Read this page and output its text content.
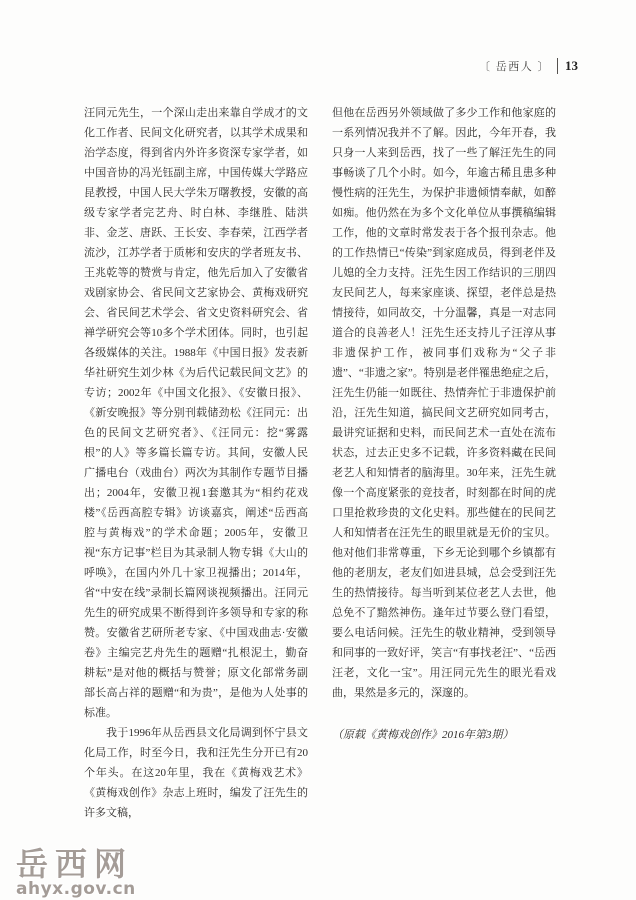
〔 岳西人 〕 13

汪同元先生，一个深山走出来靠自学成才的文化工作者、民间文化研究者，以其学术成果和治学态度，得到省内外许多资深专家学者，如中国音协的冯光钰副主席，中国传媒大学路应昆教授，中国人民大学朱万曙教授，安徽的高级专家学者完艺舟、时白林、李继胜、陆洪非、金芝、唐跃、王长安、李春荣，江西学者流沙，江苏学者于质彬和安庆的学者班友书、王兆乾等的赞赏与肯定，他先后加入了安徽省戏剧家协会、省民间文艺家协会、黄梅戏研究会、省民间艺术学会、省文史资料研究会、省禅学研究会等10多个学术团体。同时，也引起各级媒体的关注。1988年《中国日报》发表新华社研究生刘少林《为后代记载民间文艺》的专访；2002年《中国文化报》、《安徽日报》、《新安晚报》等分别刊载储劲松《汪同元：出色的民间文艺研究者》、《汪同元：挖“雾露根”的人》等多篇长篇专访。其间，安徽人民广播电台（戏曲台）两次为其制作专题节目播出；2004年，安徽卫视1套邀其为“相约花戏楼”《岳西高腔专辑》访谈嘉宾，阐述“岳西高腔与黄梅戏”的学术命题；2005年，安徽卫视“东方记事”栏目为其录制人物专辑《大山的呼唤》，在国内外几十家卫视播出；2014年，省“中安在线”录制长篇网谈视频播出。汪同元先生的研究成果不断得到许多领导和专家的称赞。安徽省艺研所老专家、《中国戏曲志·安徽卷》主编完艺舟先生的题赠“扎根泥土，勤奋耕耘”是对他的概括与赞誉；原文化部常务副部长高占祥的题赠“和为贵”，是他为人处事的标准。

我于1996年从岳西县文化局调到怀宁县文化局工作，时至今日，我和汪先生分开已有20个年头。在这20年里，我在《黄梅戏艺术》《黄梅戏创作》杂志上班时，编发了汪先生的许多文稿，

但他在岳西另外领域做了多少工作和他家庭的一系列情况我并不了解。因此，今年开春，我只身一人来到岳西，找了一些了解汪先生的同事畅谈了几个小时。如今，年逾古稀且患多种慢性病的汪先生，为保护非遗倾情奉献，如醉如痴。他仍然在为多个文化单位从事撰稿编辑工作，他的文章时常发表于各个报刊杂志。他的工作热情已“传染”到家庭成员，得到老伴及儿媳的全力支持。汪先生因工作结识的三朋四友民间艺人，每来家座谈、探望，老伴总是热情接待，如同故交，十分温馨，真是一对志同道合的良善老人！汪先生还支持儿子汪淳从事非遗保护工作，被同事们戏称为“父子非遗”、“非遗之家”。特别是老伴罹患绝症之后，汪先生仍能一如既往、热情奔忙于非遗保护前沿，汪先生知道，搞民间文艺研究如同考古，最讲究证据和史料，而民间艺术一直处在流布状态，过去正史多不记载，许多资料藏在民间老艺人和知情者的脑海里。30年来，汪先生就像一个高度紧张的竞技者，时刻都在时间的虎口里抢救珍贵的文化史料。那些健在的民间艺人和知情者在汪先生的眼里就是无价的宝贝。他对他们非常尊重，下乡无论到哪个乡镇都有他的老朋友，老友们如进县城，总会受到汪先生的热情接待。每当听到某位老艺人去世，他总免不了黯然神伤。逢年过节要么登门看望，要么电话问候。汪先生的敬业精神，受到领导和同事的一致好评，笑言“有事找老汪”、“岳西汪老，文化一宝”。用汪同元先生的眼光看戏曲，果然是多元的，深邃的。

（原载《黄梅戏创作》2016年第3期）

岳西网
ahyx.gov.cn
